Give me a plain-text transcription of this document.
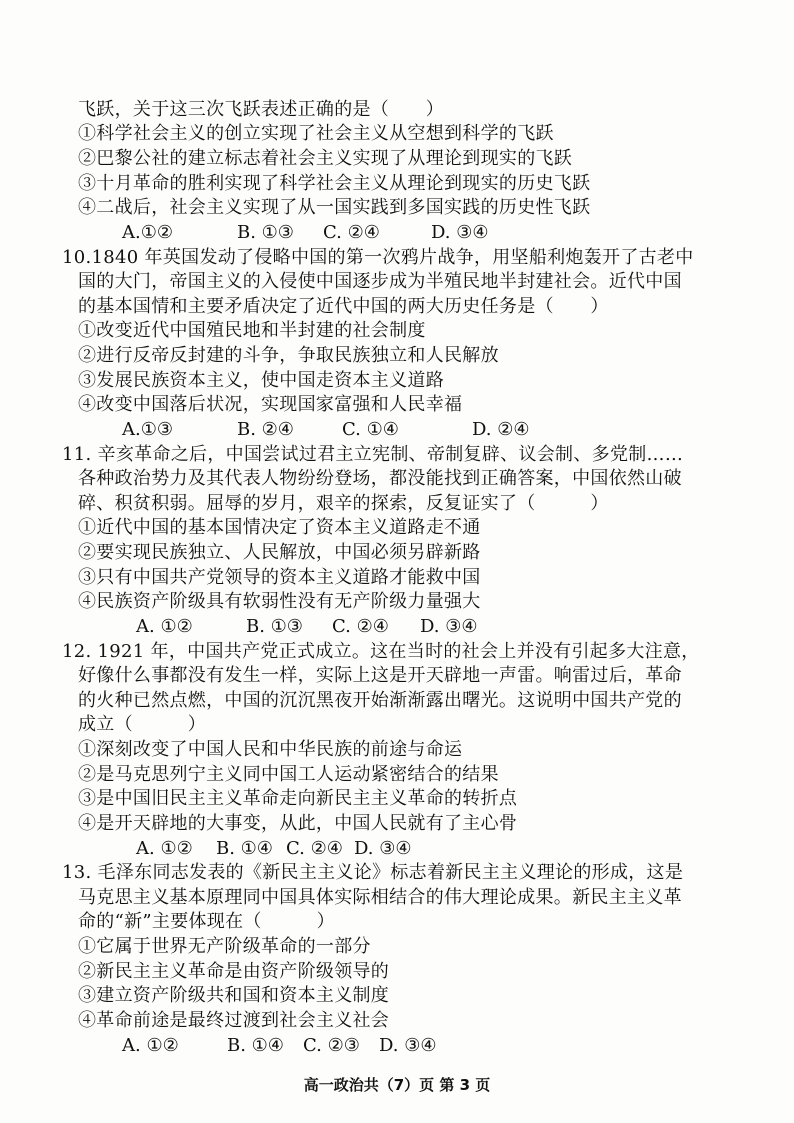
飞跃，关于这三次飞跃表述正确的是（　　）
①科学社会主义的创立实现了社会主义从空想到科学的飞跃
②巴黎公社的建立标志着社会主义实现了从理论到现实的飞跃
③十月革命的胜利实现了科学社会主义从理论到现实的历史飞跃
④二战后，社会主义实现了从一国实践到多国实践的历史性飞跃
A.①②	B. ①③ C. ②④	D. ③④
10.1840 年英国发动了侵略中国的第一次鸦片战争，用坚船利炮轰开了古老中
国的大门，帝国主义的入侵使中国逐步成为半殖民地半封建社会。近代中国
的基本国情和主要矛盾决定了近代中国的两大历史任务是（　　）
①改变近代中国殖民地和半封建的社会制度
②进行反帝反封建的斗争，争取民族独立和人民解放
③发展民族资本主义，使中国走资本主义道路
④改变中国落后状况，实现国家富强和人民幸福
A.①③	B. ②④	C. ①④	D. ②④
11. 辛亥革命之后，中国尝试过君主立宪制、帝制复辟、议会制、多党制……
各种政治势力及其代表人物纷纷登场，都没能找到正确答案，中国依然山破
碎、积贫积弱。屈辱的岁月，艰辛的探索，反复证实了（　　　）
①近代中国的基本国情决定了资本主义道路走不通
②要实现民族独立、人民解放，中国必须另辟新路
③只有中国共产党领导的资本主义道路才能救中国
④民族资产阶级具有软弱性没有无产阶级力量强大
A. ①②	B. ①③ C. ②④ D. ③④
12. 1921 年，中国共产党正式成立。这在当时的社会上并没有引起多大注意，
好像什么事都没有发生一样，实际上这是开天辟地一声雷。响雷过后，革命
的火种已然点燃，中国的沉沉黑夜开始渐渐露出曙光。这说明中国共产党的
成立（　　　）
①深刻改变了中国人民和中华民族的前途与命运
②是马克思列宁主义同中国工人运动紧密结合的结果
③是中国旧民主主义革命走向新民主主义革命的转折点
④是开天辟地的大事变，从此，中国人民就有了主心骨
A. ①② B. ①④ C. ②④ D. ③④
13. 毛泽东同志发表的《新民主主义论》标志着新民主主义理论的形成，这是
马克思主义基本原理同中国具体实际相结合的伟大理论成果。新民主主义革
命的“新”主要体现在（　　　）
①它属于世界无产阶级革命的一部分
②新民主主义革命是由资产阶级领导的
③建立资产阶级共和国和资本主义制度
④革命前途是最终过渡到社会主义社会
A. ①②	B. ①④ C. ②③ D. ③④
高一政治共（7）页 第 3 页
